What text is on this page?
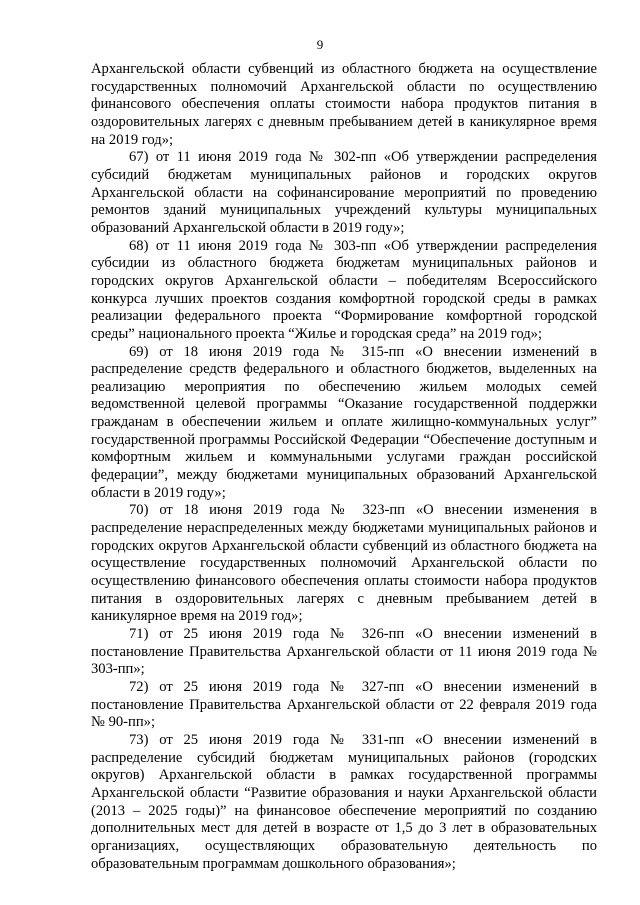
9

Архангельской области субвенций из областного бюджета на осуществление государственных полномочий Архангельской области по осуществлению финансового обеспечения оплаты стоимости набора продуктов питания в оздоровительных лагерях с дневным пребыванием детей в каникулярное время на 2019 год»;

67) от 11 июня 2019 года № 302-пп «Об утверждении распределения субсидий бюджетам муниципальных районов и городских округов Архангельской области на софинансирование мероприятий по проведению ремонтов зданий муниципальных учреждений культуры муниципальных образований Архангельской области в 2019 году»;

68) от 11 июня 2019 года № 303-пп «Об утверждении распределения субсидии из областного бюджета бюджетам муниципальных районов и городских округов Архангельской области – победителям Всероссийского конкурса лучших проектов создания комфортной городской среды в рамках реализации федерального проекта “Формирование комфортной городской среды” национального проекта “Жилье и городская среда” на 2019 год»;

69) от 18 июня 2019 года № 315-пп «О внесении изменений в распределение средств федерального и областного бюджетов, выделенных на реализацию мероприятия по обеспечению жильем молодых семей ведомственной целевой программы “Оказание государственной поддержки гражданам в обеспечении жильем и оплате жилищно-коммунальных услуг” государственной программы Российской Федерации “Обеспечение доступным и комфортным жильем и коммунальными услугами граждан российской федерации”, между бюджетами муниципальных образований Архангельской области в 2019 году»;

70) от 18 июня 2019 года № 323-пп «О внесении изменения в распределение нераспределенных между бюджетами муниципальных районов и городских округов Архангельской области субвенций из областного бюджета на осуществление государственных полномочий Архангельской области по осуществлению финансового обеспечения оплаты стоимости набора продуктов питания в оздоровительных лагерях с дневным пребыванием детей в каникулярное время на 2019 год»;

71) от 25 июня 2019 года № 326-пп «О внесении изменений в постановление Правительства Архангельской области от 11 июня 2019 года № 303-пп»;

72) от 25 июня 2019 года № 327-пп «О внесении изменений в постановление Правительства Архангельской области от 22 февраля 2019 года № 90-пп»;

73) от 25 июня 2019 года № 331-пп «О внесении изменений в распределение субсидий бюджетам муниципальных районов (городских округов) Архангельской области в рамках государственной программы Архангельской области “Развитие образования и науки Архангельской области (2013 – 2025 годы)” на финансовое обеспечение мероприятий по созданию дополнительных мест для детей в возрасте от 1,5 до 3 лет в образовательных организациях, осуществляющих образовательную деятельность по образовательным программам дошкольного образования»;
